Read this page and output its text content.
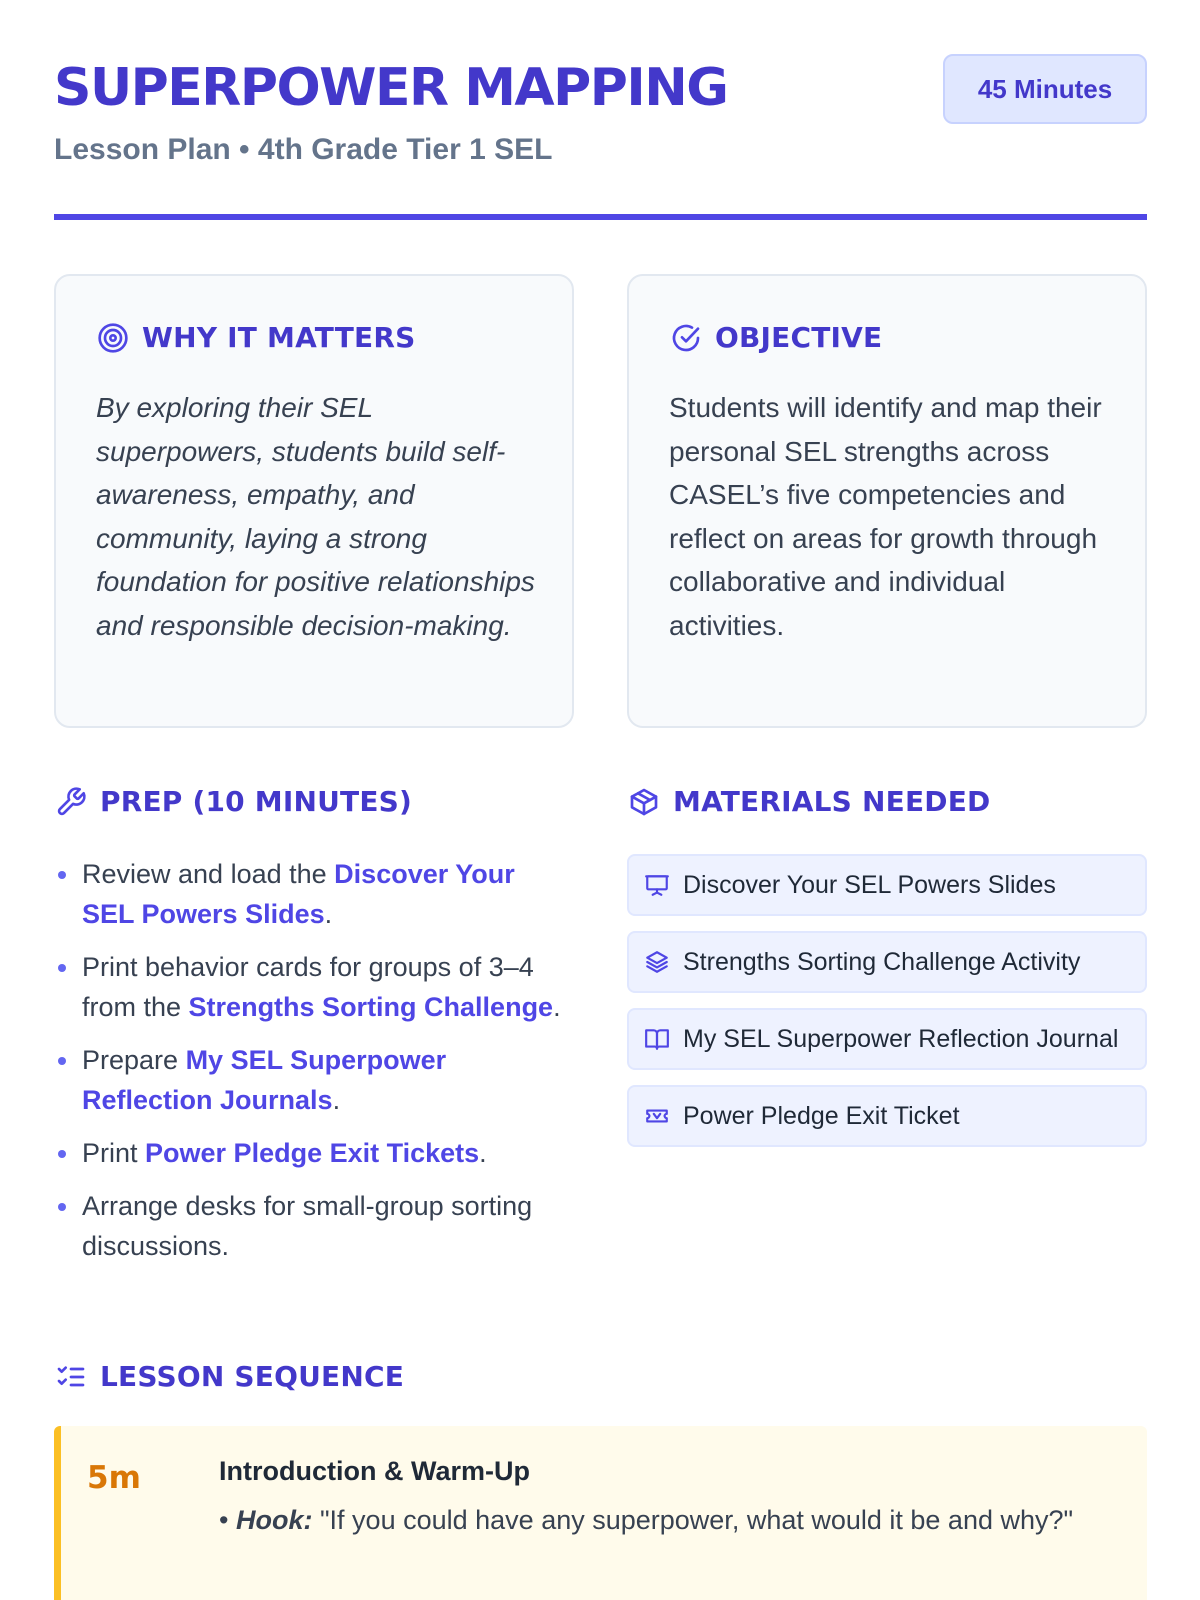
SUPERPOWER MAPPING
Lesson Plan • 4th Grade Tier 1 SEL
45 Minutes
WHY IT MATTERS

By exploring their SEL superpowers, students build self-awareness, empathy, and community, laying a strong foundation for positive relationships and responsible decision-making.

OBJECTIVE

Students will identify and map their personal SEL strengths across CASEL’s five competencies and reflect on areas for growth through collaborative and individual activities.

PREP (10 MINUTES)
Review and load the Discover Your SEL Powers Slides.
Print behavior cards for groups of 3–4 from the Strengths Sorting Challenge.
Prepare My SEL Superpower Reflection Journals.
Print Power Pledge Exit Tickets.
Arrange desks for small-group sorting discussions.
MATERIALS NEEDED
Discover Your SEL Powers Slides
Strengths Sorting Challenge Activity
My SEL Superpower Reflection Journal
Power Pledge Exit Ticket
LESSON SEQUENCE
5m	Introduction & Warm-Up
• Hook: "If you could have any superpower, what would it be and why?"
